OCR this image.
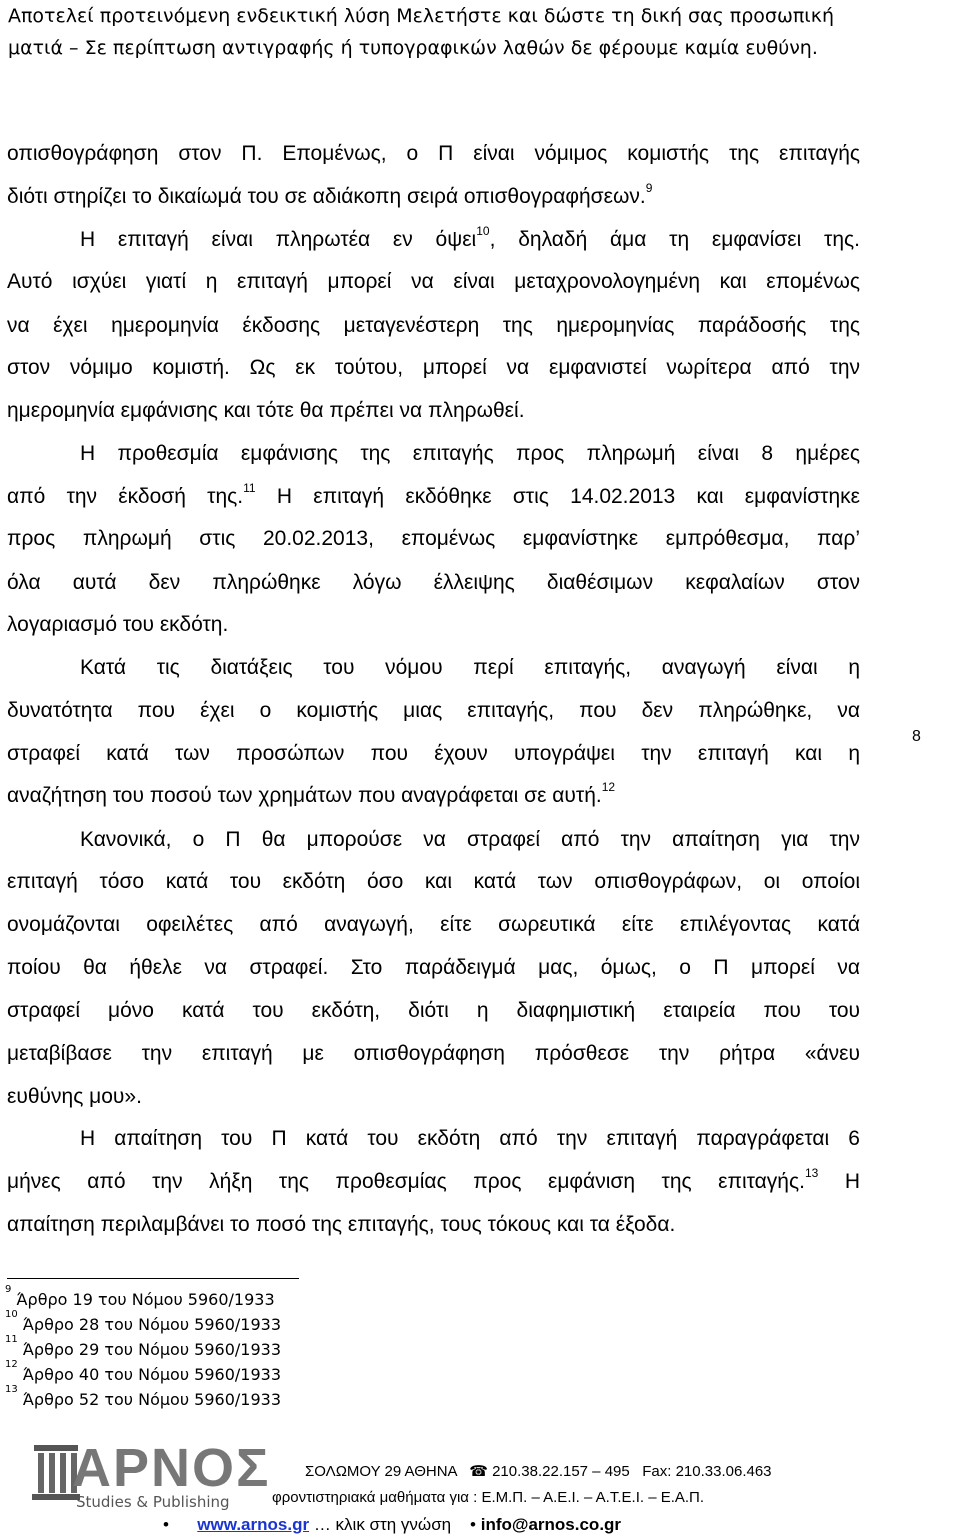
Αποτελεί προτεινόμενη ενδεικτική λύση Μελετήστε και δώστε τη δική σας προσωπική
ματιά – Σε περίπτωση αντιγραφής ή τυπογραφικών λαθών δε φέρουμε καμία ευθύνη.
οπισθογράφηση στον Π. Επομένως, ο Π είναι νόμιμος κομιστής της επιταγής
διότι στηρίζει το δικαίωμά του σε αδιάκοπη σειρά οπισθογραφήσεων.$^9$
Η επιταγή είναι πληρωτέα εν όψει$^{10}$, δηλαδή άμα τη εμφανίσει της.
Αυτό ισχύει γιατί η επιταγή μπορεί να είναι μεταχρονολογημένη και επομένως
να έχει ημερομηνία έκδοσης μεταγενέστερη της ημερομηνίας παράδοσής της
στον νόμιμο κομιστή. Ως εκ τούτου, μπορεί να εμφανιστεί νωρίτερα από την
ημερομηνία εμφάνισης και τότε θα πρέπει να πληρωθεί.
Η προθεσμία εμφάνισης της επιταγής προς πληρωμή είναι 8 ημέρες
από την έκδοσή της.$^{11}$ Η επιταγή εκδόθηκε στις 14.02.2013 και εμφανίστηκε
προς πληρωμή στις 20.02.2013, επομένως εμφανίστηκε εμπρόθεσμα, παρ’
όλα αυτά δεν πληρώθηκε λόγω έλλειψης διαθέσιμων κεφαλαίων στον
λογαριασμό του εκδότη.
Κατά τις διατάξεις του νόμου περί επιταγής, αναγωγή είναι η
δυνατότητα που έχει ο κομιστής μιας επιταγής, που δεν πληρώθηκε, να
στραφεί κατά των προσώπων που έχουν υπογράψει την επιταγή και η
αναζήτηση του ποσού των χρημάτων που αναγράφεται σε αυτή.$^{12}$
Κανονικά, ο Π θα μπορούσε να στραφεί από την απαίτηση για την
επιταγή τόσο κατά του εκδότη όσο και κατά των οπισθογράφων, οι οποίοι
ονομάζονται οφειλέτες από αναγωγή, είτε σωρευτικά είτε επιλέγοντας κατά
ποίου θα ήθελε να στραφεί. Στο παράδειγμά μας, όμως, ο Π μπορεί να
στραφεί μόνο κατά του εκδότη, διότι η διαφημιστική εταιρεία που του
μεταβίβασε την επιταγή με οπισθογράφηση πρόσθεσε την ρήτρα «άνευ
ευθύνης μου».
Η απαίτηση του Π κατά του εκδότη από την επιταγή παραγράφεται 6
μήνες από την λήξη της προθεσμίας προς εμφάνιση της επιταγής.$^{13}$ Η
απαίτηση περιλαμβάνει το ποσό της επιταγής, τους τόκους και τα έξοδα.
8
$^9$ Άρθρο 19 του Νόμου 5960/1933
$^{10}$ Άρθρο 28 του Νόμου 5960/1933
$^{11}$ Άρθρο 29 του Νόμου 5960/1933
$^{12}$ Άρθρο 40 του Νόμου 5960/1933
$^{13}$ Άρθρο 52 του Νόμου 5960/1933
ΑΡΝΟΣ
Studies & Publishing
ΣΟΛΩΜΟΥ 29 ΑΘΗΝΑ ☎ 210.38.22.157 – 495 Fax: 210.33.06.463
φροντιστηριακά μαθήματα για : Ε.Μ.Π. – Α.Ε.Ι. – Α.Τ.Ε.Ι. – Ε.Α.Π.
• www.arnos.gr … κλικ στη γνώση • info@arnos.co.gr
